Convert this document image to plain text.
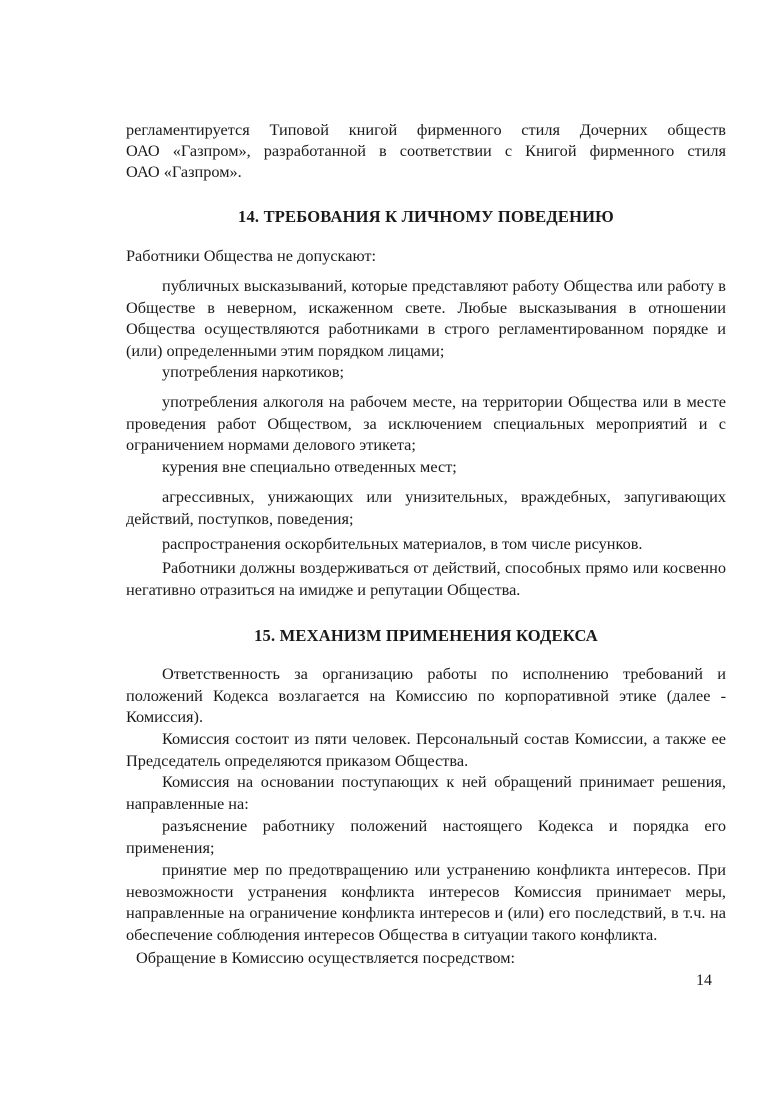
регламентируется Типовой книгой фирменного стиля Дочерних обществ

ОАО «Газпром», разработанной в соответствии с Книгой фирменного стиля

ОАО «Газпром».

14. ТРЕБОВАНИЯ К ЛИЧНОМУ ПОВЕДЕНИЮ

Работники Общества не допускают:

публичных высказываний, которые представляют работу Общества или работу в Обществе в неверном, искаженном свете. Любые высказывания в отношении Общества осуществляются работниками в строго регламентированном порядке и (или) определенными этим порядком лицами;

употребления наркотиков;

употребления алкоголя на рабочем месте, на территории Общества или в месте проведения работ Обществом, за исключением специальных мероприятий и с ограничением нормами делового этикета;

курения вне специально отведенных мест;

агрессивных, унижающих или унизительных, враждебных, запугивающих действий, поступков, поведения;

распространения оскорбительных материалов, в том числе рисунков.

Работники должны воздерживаться от действий, способных прямо или косвенно негативно отразиться на имидже и репутации Общества.

15. МЕХАНИЗМ ПРИМЕНЕНИЯ КОДЕКСА

Ответственность за организацию работы по исполнению требований и положений Кодекса возлагается на Комиссию по корпоративной этике (далее - Комиссия).

Комиссия состоит из пяти человек. Персональный состав Комиссии, а также ее Председатель определяются приказом Общества.

Комиссия на основании поступающих к ней обращений принимает решения, направленные на:

разъяснение работнику положений настоящего Кодекса и порядка его применения;

принятие мер по предотвращению или устранению конфликта интересов. При невозможности устранения конфликта интересов Комиссия принимает меры, направленные на ограничение конфликта интересов и (или) его последствий, в т.ч. на обеспечение соблюдения интересов Общества в ситуации такого конфликта.

Обращение в Комиссию осуществляется посредством:

14
